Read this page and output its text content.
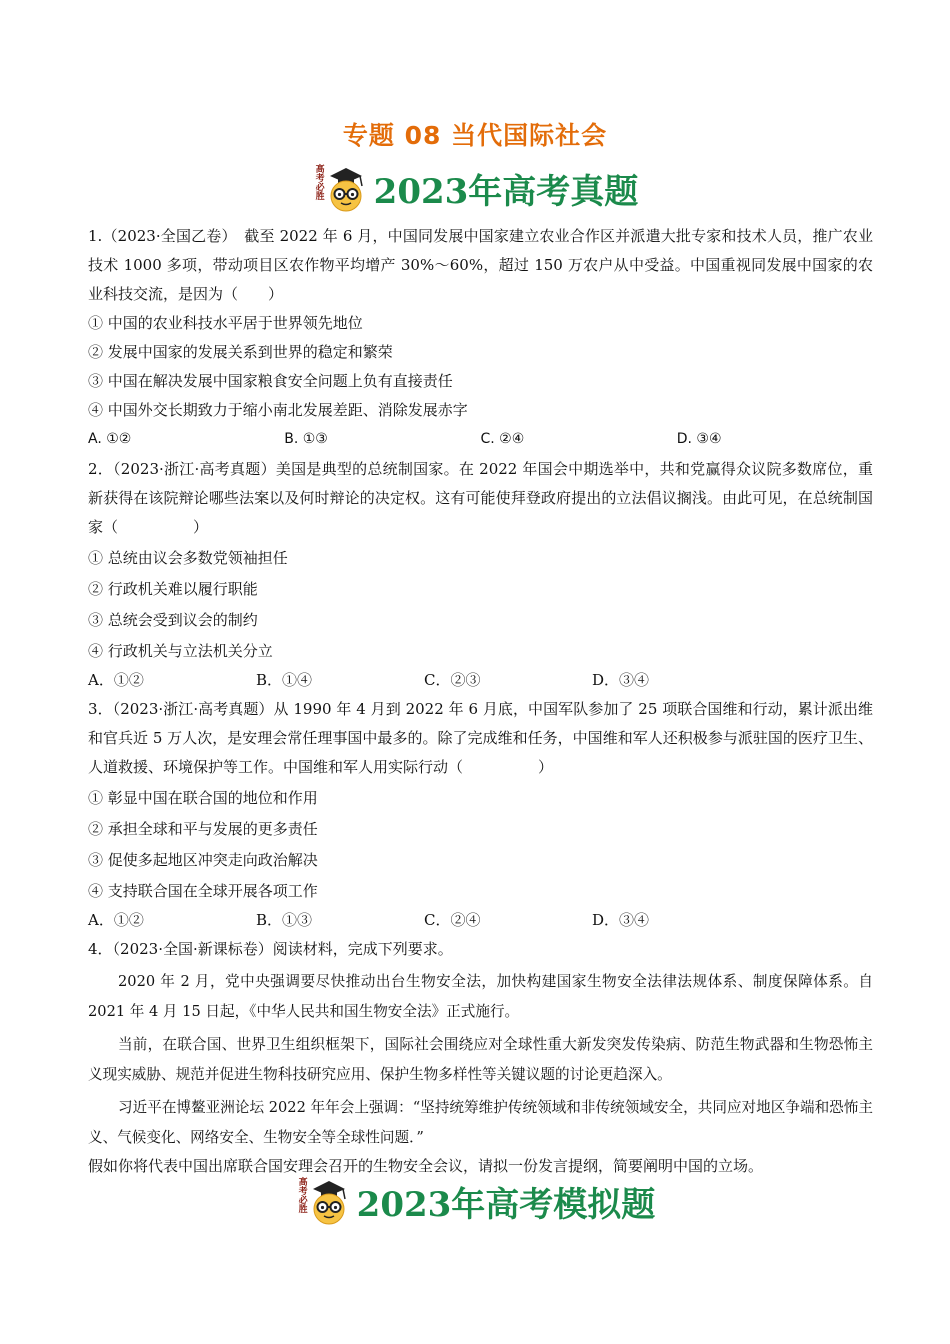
专题 08 当代国际社会
高考必胜 2023年高考真题

1.（2023·全国乙卷）　截至 2022 年 6 月，中国同发展中国家建立农业合作区并派遣大批专家和技术人员，推广农业技术 1000 多项，带动项目区农作物平均增产 30%～60%，超过 150 万农户从中受益。中国重视同发展中国家的农业科技交流，是因为（　　）

① 中国的农业科技水平居于世界领先地位

② 发展中国家的发展关系到世界的稳定和繁荣

③ 中国在解决发展中国家粮食安全问题上负有直接责任

④ 中国外交长期致力于缩小南北发展差距、消除发展赤字

A. ①②	B. ①③	C. ②④	D. ③④

2．（2023·浙江·高考真题）美国是典型的总统制国家。在 2022 年国会中期选举中，共和党赢得众议院多数席位，重新获得在该院辩论哪些法案以及何时辩论的决定权。这有可能使拜登政府提出的立法倡议搁浅。由此可见，在总统制国家（　　　　　）

① 总统由议会多数党领袖担任

② 行政机关难以履行职能

③ 总统会受到议会的制约

④ 行政机关与立法机关分立

A．①②	B．①④	C．②③	D．③④

3．（2023·浙江·高考真题）从 1990 年 4 月到 2022 年 6 月底，中国军队参加了 25 项联合国维和行动，累计派出维和官兵近 5 万人次，是安理会常任理事国中最多的。除了完成维和任务，中国维和军人还积极参与派驻国的医疗卫生、人道救援、环境保护等工作。中国维和军人用实际行动（　　　　　）

① 彰显中国在联合国的地位和作用

② 承担全球和平与发展的更多责任

③ 促使多起地区冲突走向政治解决

④ 支持联合国在全球开展各项工作

A．①②	B．①③	C．②④	D．③④

4．（2023·全国·新课标卷）阅读材料，完成下列要求。

2020 年 2 月，党中央强调要尽快推动出台生物安全法，加快构建国家生物安全法律法规体系、制度保障体系。自 2021 年 4 月 15 日起，《中华人民共和国生物安全法》正式施行。

当前，在联合国、世界卫生组织框架下，国际社会围绕应对全球性重大新发突发传染病、防范生物武器和生物恐怖主义现实威胁、规范并促进生物科技研究应用、保护生物多样性等关键议题的讨论更趋深入。

习近平在博鳌亚洲论坛 2022 年年会上强调：“坚持统筹维护传统领域和非传统领域安全，共同应对地区争端和恐怖主义、气候变化、网络安全、生物安全等全球性问题．”

假如你将代表中国出席联合国安理会召开的生物安全会议，请拟一份发言提纲，简要阐明中国的立场。

高考必胜 2023年高考模拟题
